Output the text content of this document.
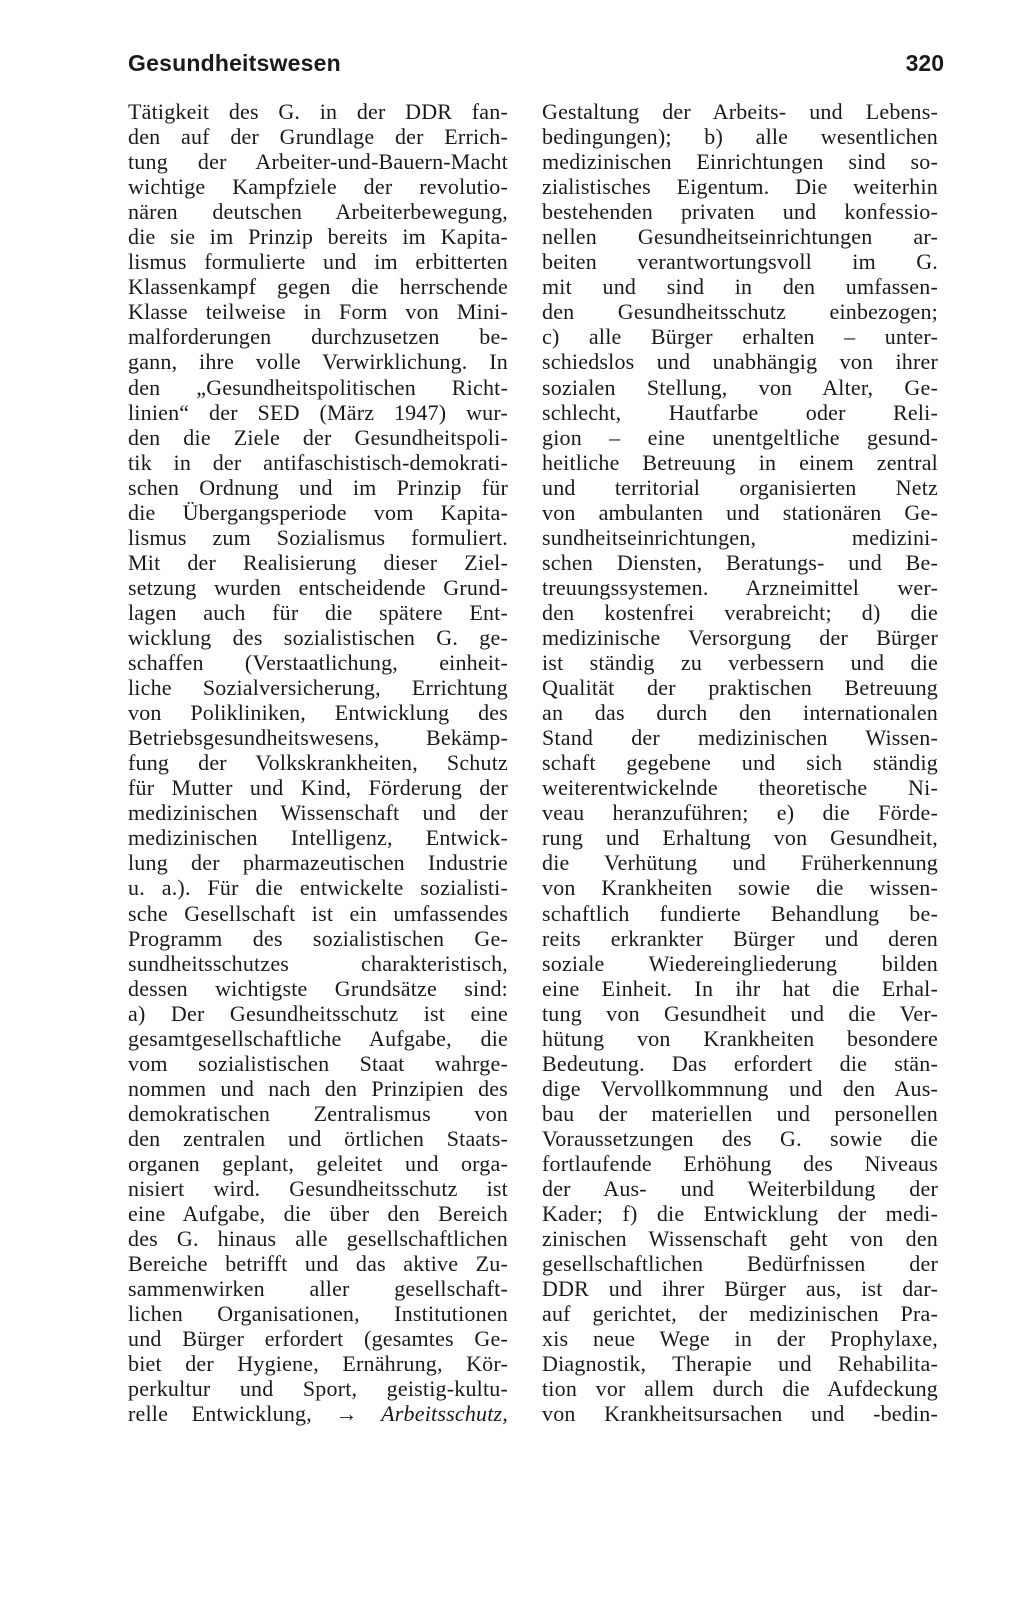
Gesundheitswesen	320
Tätigkeit des G. in der DDR fan-
den auf der Grundlage der Errich-
tung der Arbeiter-und-Bauern-Macht
wichtige Kampfziele der revolutio-
nären deutschen Arbeiterbewegung,
die sie im Prinzip bereits im Kapita-
lismus formulierte und im erbitterten
Klassenkampf gegen die herrschende
Klasse teilweise in Form von Mini-
malforderungen durchzusetzen be-
gann, ihre volle Verwirklichung. In
den „Gesundheitspolitischen Richt-
linien“ der SED (März 1947) wur-
den die Ziele der Gesundheitspoli-
tik in der antifaschistisch-demokrati-
schen Ordnung und im Prinzip für
die Übergangsperiode vom Kapita-
lismus zum Sozialismus formuliert.
Mit der Realisierung dieser Ziel-
setzung wurden entscheidende Grund-
lagen auch für die spätere Ent-
wicklung des sozialistischen G. ge-
schaffen (Verstaatlichung, einheit-
liche Sozialversicherung, Errichtung
von Polikliniken, Entwicklung des
Betriebsgesundheitswesens, Bekämp-
fung der Volkskrankheiten, Schutz
für Mutter und Kind, Förderung der
medizinischen Wissenschaft und der
medizinischen Intelligenz, Entwick-
lung der pharmazeutischen Industrie
u. a.). Für die entwickelte sozialisti-
sche Gesellschaft ist ein umfassendes
Programm des sozialistischen Ge-
sundheitsschutzes charakteristisch,
dessen wichtigste Grundsätze sind:
a) Der Gesundheitsschutz ist eine
gesamtgesellschaftliche Aufgabe, die
vom sozialistischen Staat wahrge-
nommen und nach den Prinzipien des
demokratischen Zentralismus von
den zentralen und örtlichen Staats-
organen geplant, geleitet und orga-
nisiert wird. Gesundheitsschutz ist
eine Aufgabe, die über den Bereich
des G. hinaus alle gesellschaftlichen
Bereiche betrifft und das aktive Zu-
sammenwirken aller gesellschaft-
lichen Organisationen, Institutionen
und Bürger erfordert (gesamtes Ge-
biet der Hygiene, Ernährung, Kör-
perkultur und Sport, geistig-kultu-
relle Entwicklung, → Arbeitsschutz,
Gestaltung der Arbeits- und Lebens-
bedingungen); b) alle wesentlichen
medizinischen Einrichtungen sind so-
zialistisches Eigentum. Die weiterhin
bestehenden privaten und konfessio-
nellen Gesundheitseinrichtungen ar-
beiten verantwortungsvoll im G.
mit und sind in den umfassen-
den Gesundheitsschutz einbezogen;
c) alle Bürger erhalten – unter-
schiedslos und unabhängig von ihrer
sozialen Stellung, von Alter, Ge-
schlecht, Hautfarbe oder Reli-
gion – eine unentgeltliche gesund-
heitliche Betreuung in einem zentral
und territorial organisierten Netz
von ambulanten und stationären Ge-
sundheitseinrichtungen, medizini-
schen Diensten, Beratungs- und Be-
treuungssystemen. Arzneimittel wer-
den kostenfrei verabreicht; d) die
medizinische Versorgung der Bürger
ist ständig zu verbessern und die
Qualität der praktischen Betreuung
an das durch den internationalen
Stand der medizinischen Wissen-
schaft gegebene und sich ständig
weiterentwickelnde theoretische Ni-
veau heranzuführen; e) die Förde-
rung und Erhaltung von Gesundheit,
die Verhütung und Früherkennung
von Krankheiten sowie die wissen-
schaftlich fundierte Behandlung be-
reits erkrankter Bürger und deren
soziale Wiedereingliederung bilden
eine Einheit. In ihr hat die Erhal-
tung von Gesundheit und die Ver-
hütung von Krankheiten besondere
Bedeutung. Das erfordert die stän-
dige Vervollkommnung und den Aus-
bau der materiellen und personellen
Voraussetzungen des G. sowie die
fortlaufende Erhöhung des Niveaus
der Aus- und Weiterbildung der
Kader; f) die Entwicklung der medi-
zinischen Wissenschaft geht von den
gesellschaftlichen Bedürfnissen der
DDR und ihrer Bürger aus, ist dar-
auf gerichtet, der medizinischen Pra-
xis neue Wege in der Prophylaxe,
Diagnostik, Therapie und Rehabilita-
tion vor allem durch die Aufdeckung
von Krankheitsursachen und -bedin-
